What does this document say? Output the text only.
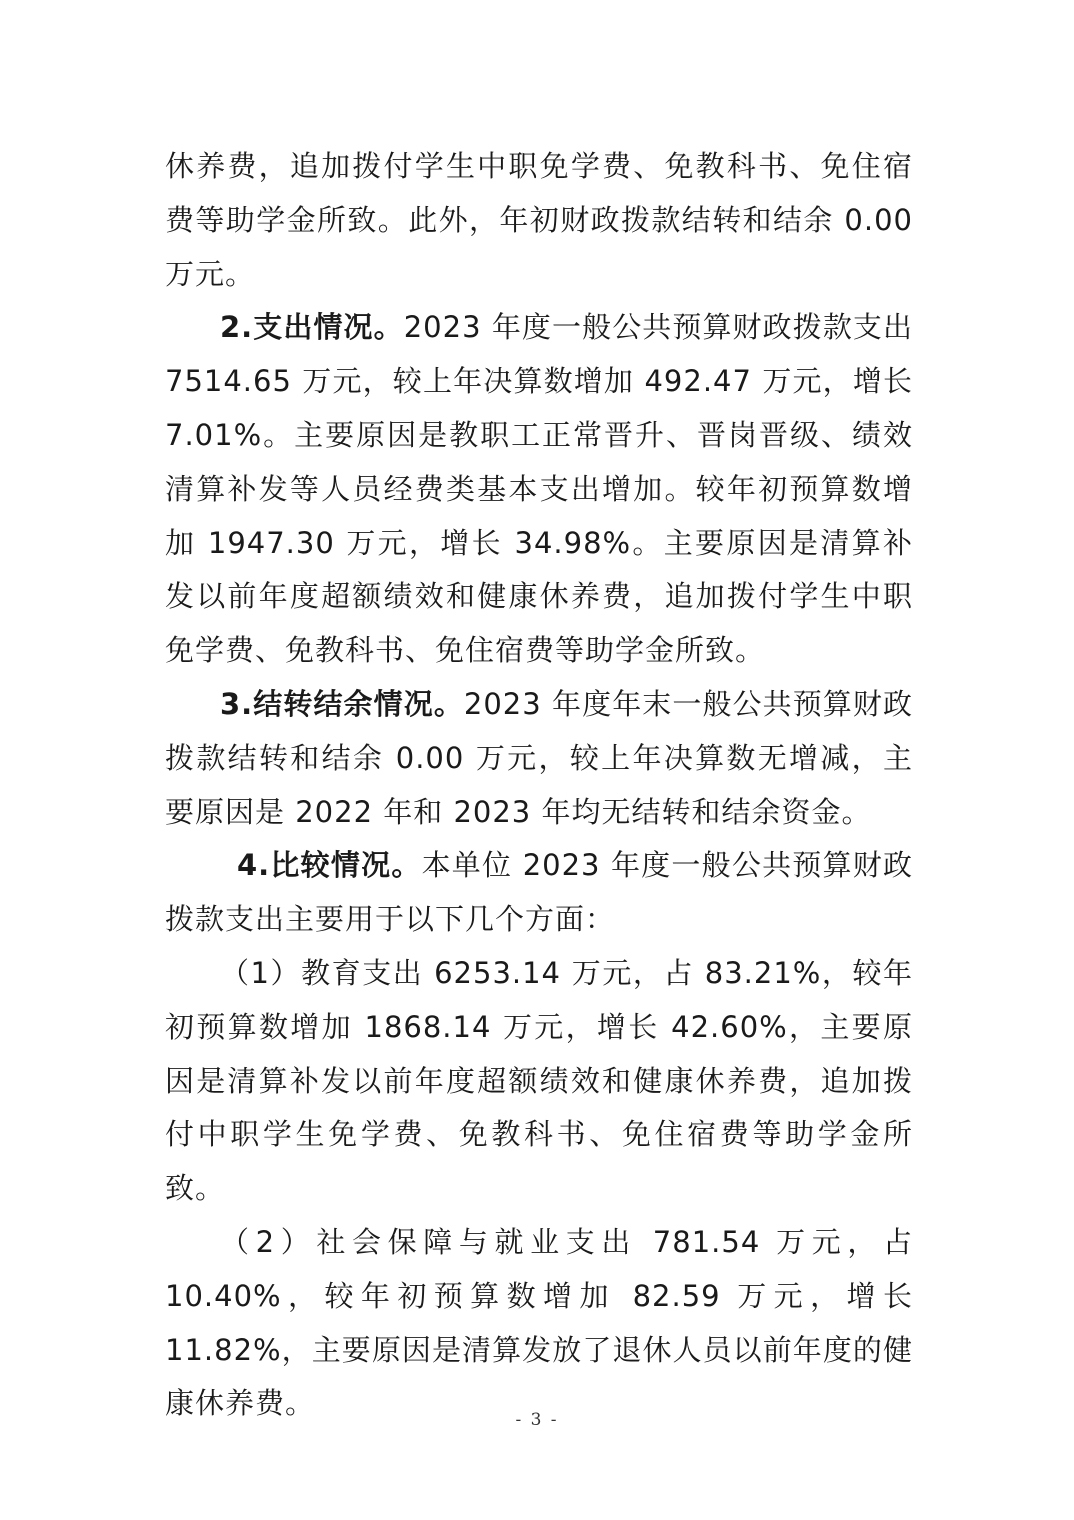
休养费，追加拨付学生中职免学费、免教科书、免住宿费等助学金所致。此外，年初财政拨款结转和结余 0.00 万元。

2.支出情况。2023 年度一般公共预算财政拨款支出 7514.65 万元，较上年决算数增加 492.47 万元，增长 7.01%。主要原因是教职工正常晋升、晋岗晋级、绩效清算补发等人员经费类基本支出增加。较年初预算数增加 1947.30 万元，增长 34.98%。主要原因是清算补发以前年度超额绩效和健康休养费，追加拨付学生中职免学费、免教科书、免住宿费等助学金所致。

3.结转结余情况。2023 年度年末一般公共预算财政拨款结转和结余 0.00 万元，较上年决算数无增减，主要原因是 2022 年和 2023 年均无结转和结余资金。

4.比较情况。本单位 2023 年度一般公共预算财政拨款支出主要用于以下几个方面：

（1）教育支出 6253.14 万元，占 83.21%，较年初预算数增加 1868.14 万元，增长 42.60%，主要原因是清算补发以前年度超额绩效和健康休养费，追加拨付中职学生免学费、免教科书、免住宿费等助学金所致。

（2）社会保障与就业支出 781.54 万元，占 10.40%，较年初预算数增加 82.59 万元，增长 11.82%，主要原因是清算发放了退休人员以前年度的健康休养费。	- 3 -
